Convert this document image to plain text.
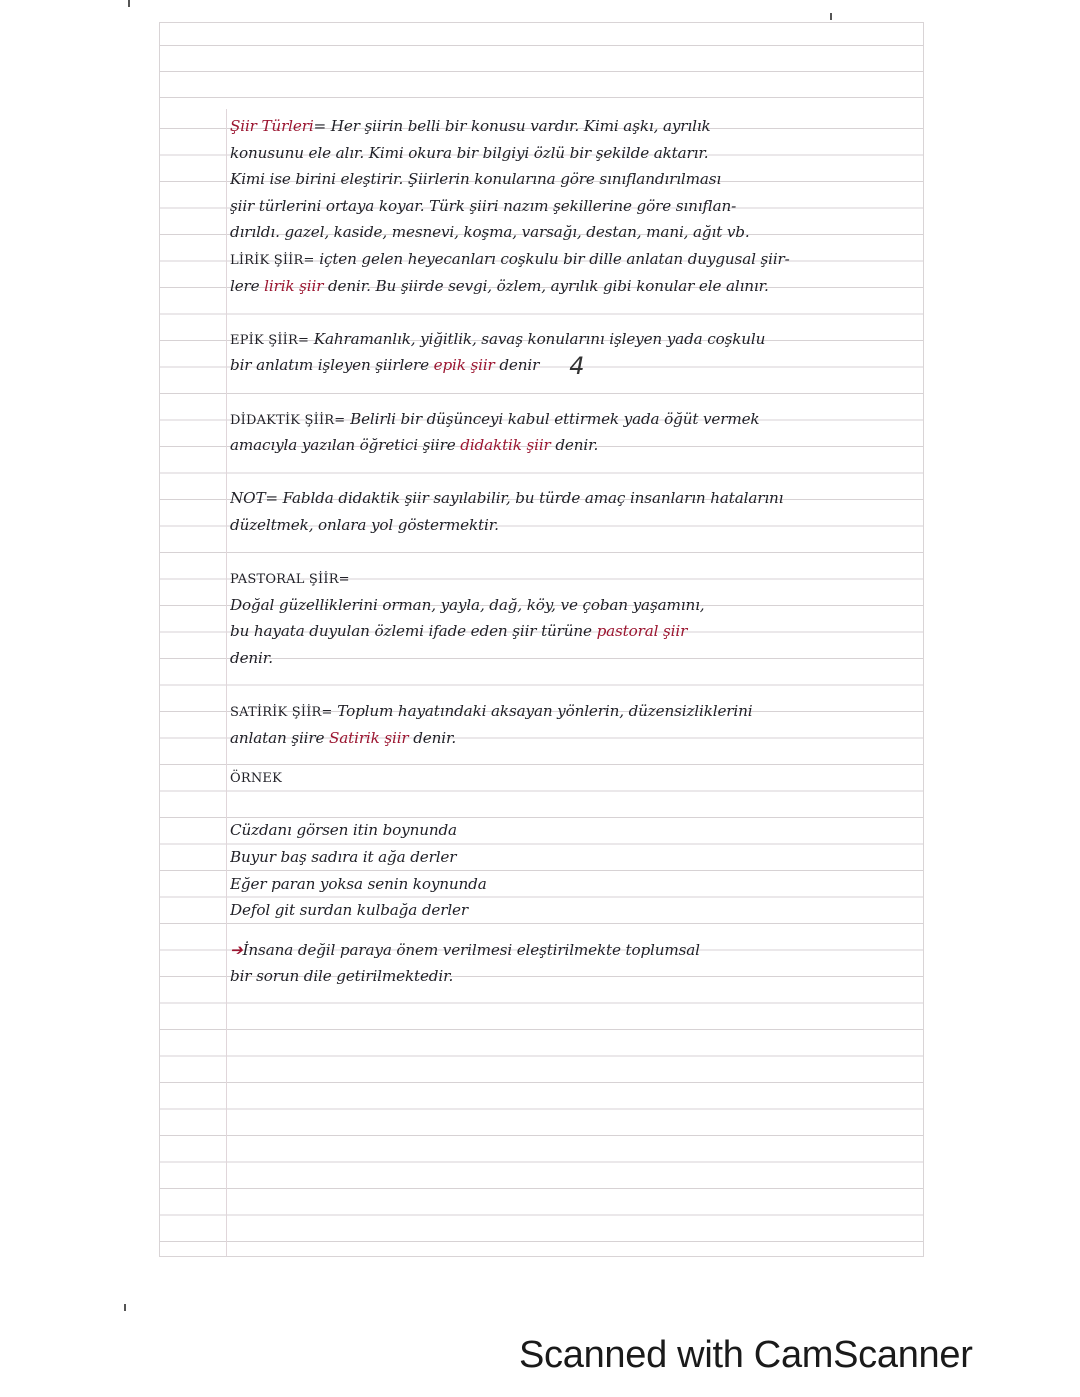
Şiir Türleri= Her şiirin belli bir konusu vardır. Kimi aşkı, ayrılık
konusunu ele alır. Kimi okura bir bilgiyi özlü bir şekilde aktarır.
Kimi ise birini eleştirir. Şiirlerin konularına göre sınıflandırılması
şiir türlerini ortaya koyar. Türk şiiri nazım şekillerine göre sınıflan-
dırıldı. gazel, kaside, mesnevi, koşma, varsağı, destan, mani, ağıt vb.
LİRİK ŞİİR= içten gelen heyecanları coşkulu bir dille anlatan duygusal şiir-
lere lirik şiir denir. Bu şiirde sevgi, özlem, ayrılık gibi konular ele alınır.
EPİK ŞİİR= Kahramanlık, yiğitlik, savaş konularını işleyen yada coşkulu
bir anlatım işleyen şiirlere epik şiir denir 4
DİDAKTİK ŞİİR= Belirli bir düşünceyi kabul ettirmek yada öğüt vermek
amacıyla yazılan öğretici şiire didaktik şiir denir.
NOT= Fablda didaktik şiir sayılabilir, bu türde amaç insanların hatalarını
düzeltmek, onlara yol göstermektir.
PASTORAL ŞİİR=
Doğal güzelliklerini orman, yayla, dağ, köy, ve çoban yaşamını,
bu hayata duyulan özlemi ifade eden şiir türüne pastoral şiir
denir.
SATİRİK ŞİİR= Toplum hayatındaki aksayan yönlerin, düzensizliklerini
anlatan şiire Satirik şiir denir.
ÖRNEK
Cüzdanı görsen itin boynunda
Buyur baş sadıra it ağa derler
Eğer paran yoksa senin koynunda
Defol git surdan kulbağa derler
➔İnsana değil paraya önem verilmesi eleştirilmekte toplumsal
bir sorun dile getirilmektedir.
Scanned with CamScanner
